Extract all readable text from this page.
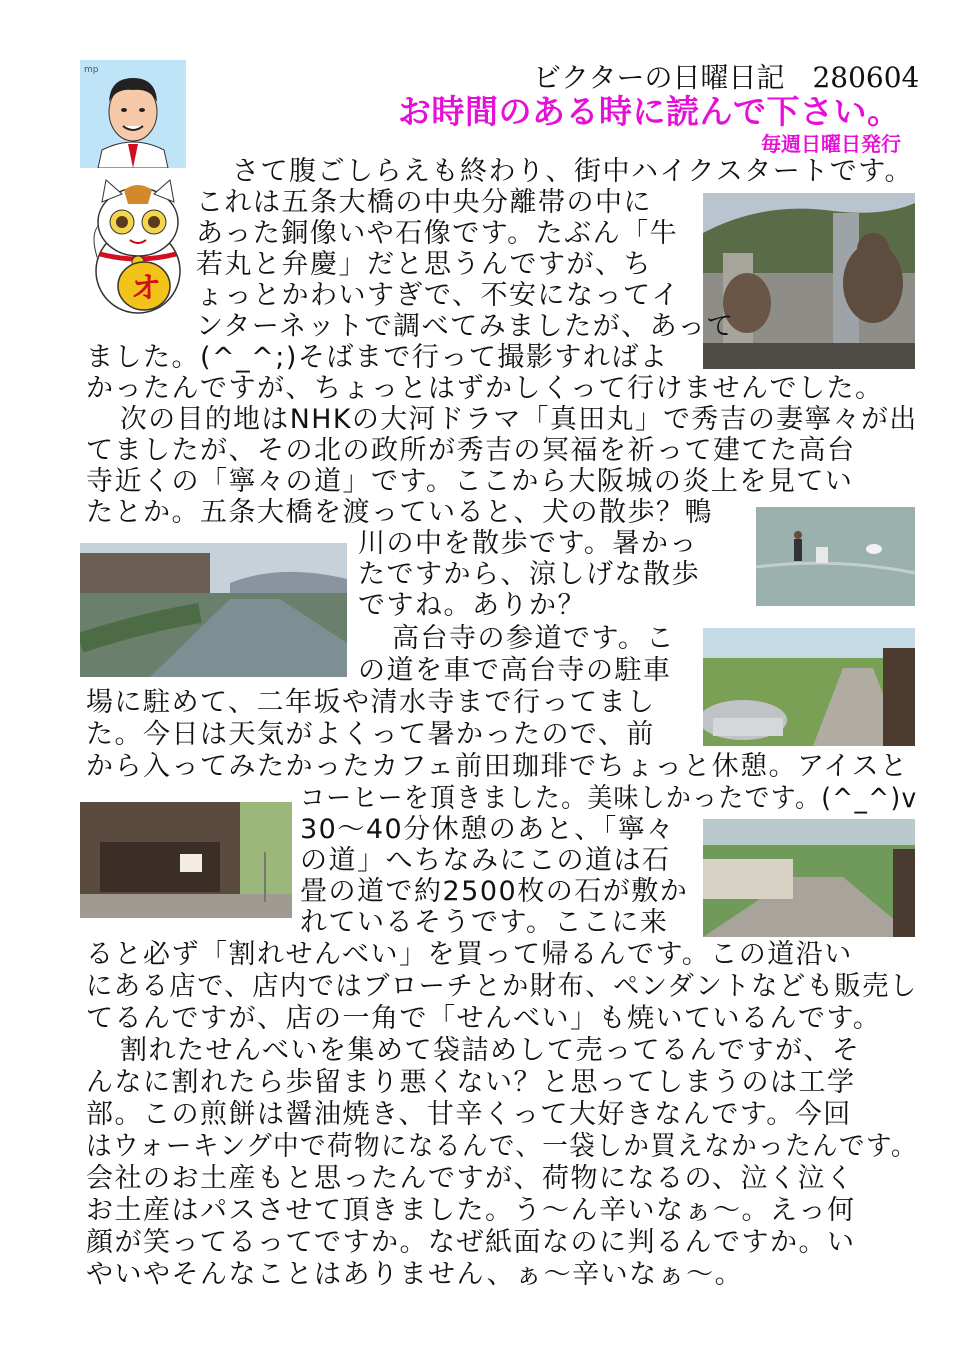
ビクターの日曜日記　280604
お時間のある時に読んで下さい。
毎週日曜日発行
mp
オ
さて腹ごしらえも終わり、街中ハイクスタートです。
これは五条大橋の中央分離帯の中に
あった銅像いや石像です。たぶん「牛
若丸と弁慶」だと思うんですが、ち
ょっとかわいすぎで、不安になってイ
ンターネットで調べてみましたが、あって
ました。(^_^;)そばまで行って撮影すればよ
かったんですが、ちょっとはずかしくって行けませんでした。
次の目的地はNHKの大河ドラマ「真田丸」で秀吉の妻寧々が出
てましたが、その北の政所が秀吉の冥福を祈って建てた高台
寺近くの「寧々の道」です。ここから大阪城の炎上を見てい
たとか。五条大橋を渡っていると、犬の散歩？鴨
川の中を散歩です。暑かっ
たですから、涼しげな散歩
ですね。ありか？
高台寺の参道です。こ
の道を車で高台寺の駐車
場に駐めて、二年坂や清水寺まで行ってまし
た。今日は天気がよくって暑かったので、前
から入ってみたかったカフェ前田珈琲でちょっと休憩。アイスと
コーヒーを頂きました。美味しかったです。(^_^)v
30～40分休憩のあと、「寧々
の道」へちなみにこの道は石
畳の道で約2500枚の石が敷か
れているそうです。ここに来
ると必ず「割れせんべい」を買って帰るんです。この道沿い
にある店で、店内ではブローチとか財布、ペンダントなども販売し
てるんですが、店の一角で「せんべい」も焼いているんです。
割れたせんべいを集めて袋詰めして売ってるんですが、そ
んなに割れたら歩留まり悪くない？と思ってしまうのは工学
部。この煎餅は醤油焼き、甘辛くって大好きなんです。今回
はウォーキング中で荷物になるんで、一袋しか買えなかったんです。
会社のお土産もと思ったんですが、荷物になるの、泣く泣く
お土産はパスさせて頂きました。う～ん辛いなぁ～。えっ何
顔が笑ってるってですか。なぜ紙面なのに判るんですか。い
やいやそんなことはありません、ぁ～辛いなぁ～。
